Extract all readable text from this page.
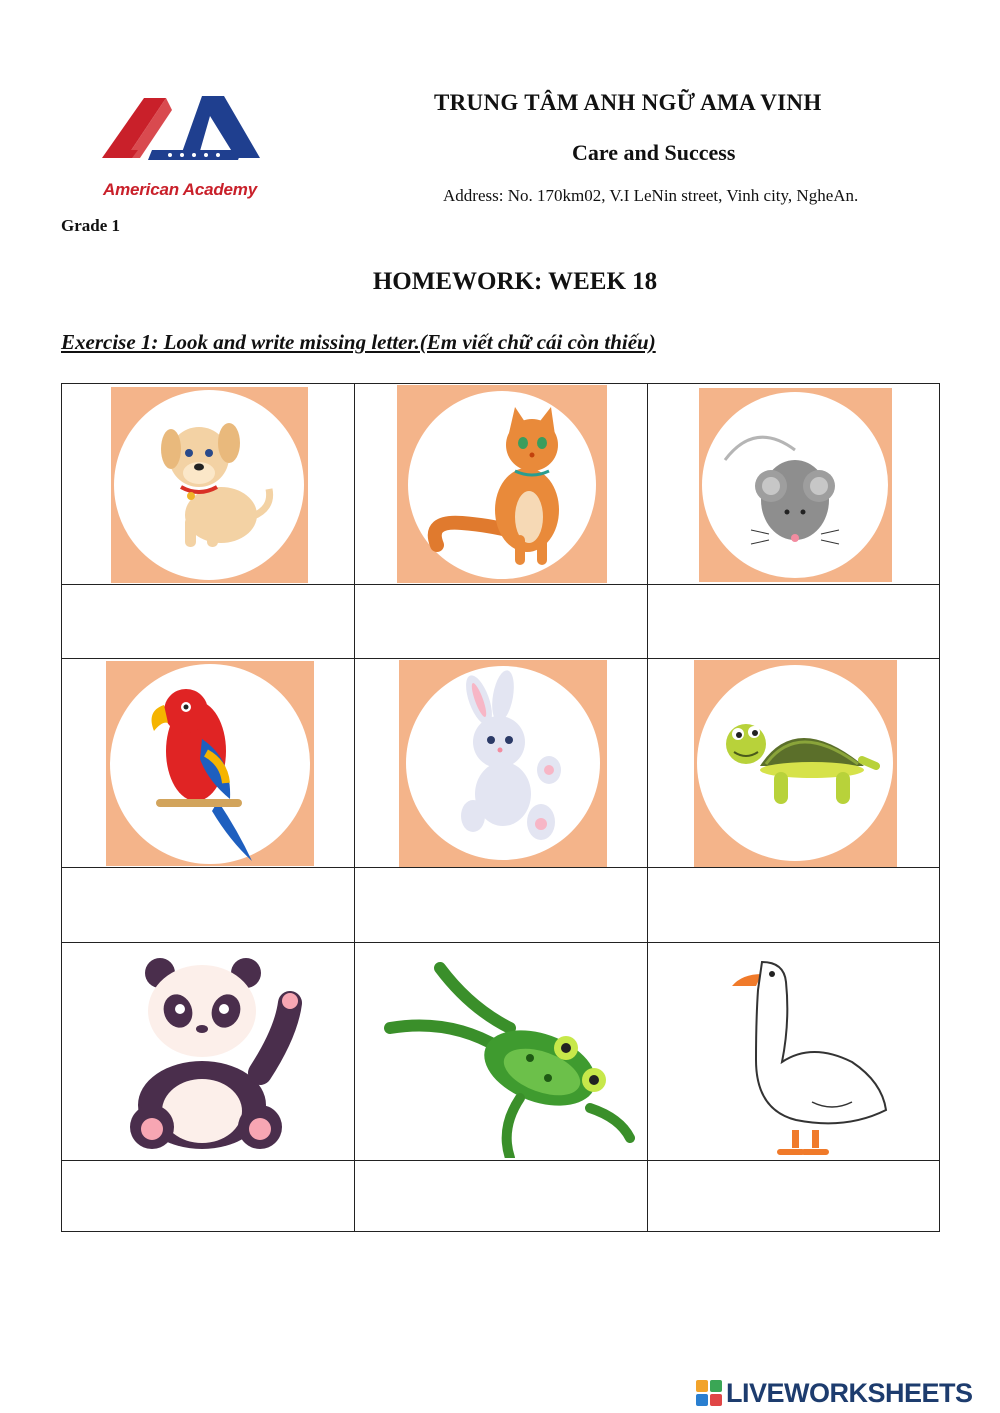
American Academy
Grade 1
TRUNG TÂM ANH NGỮ AMA VINH
Care and Success
Address: No. 170km02, V.I LeNin street, Vinh city, NgheAn.
HOMEWORK: WEEK 18
Exercise 1: Look and write missing letter.(Em viết chữ cái còn thiếu)
LIVEWORKSHEETS
